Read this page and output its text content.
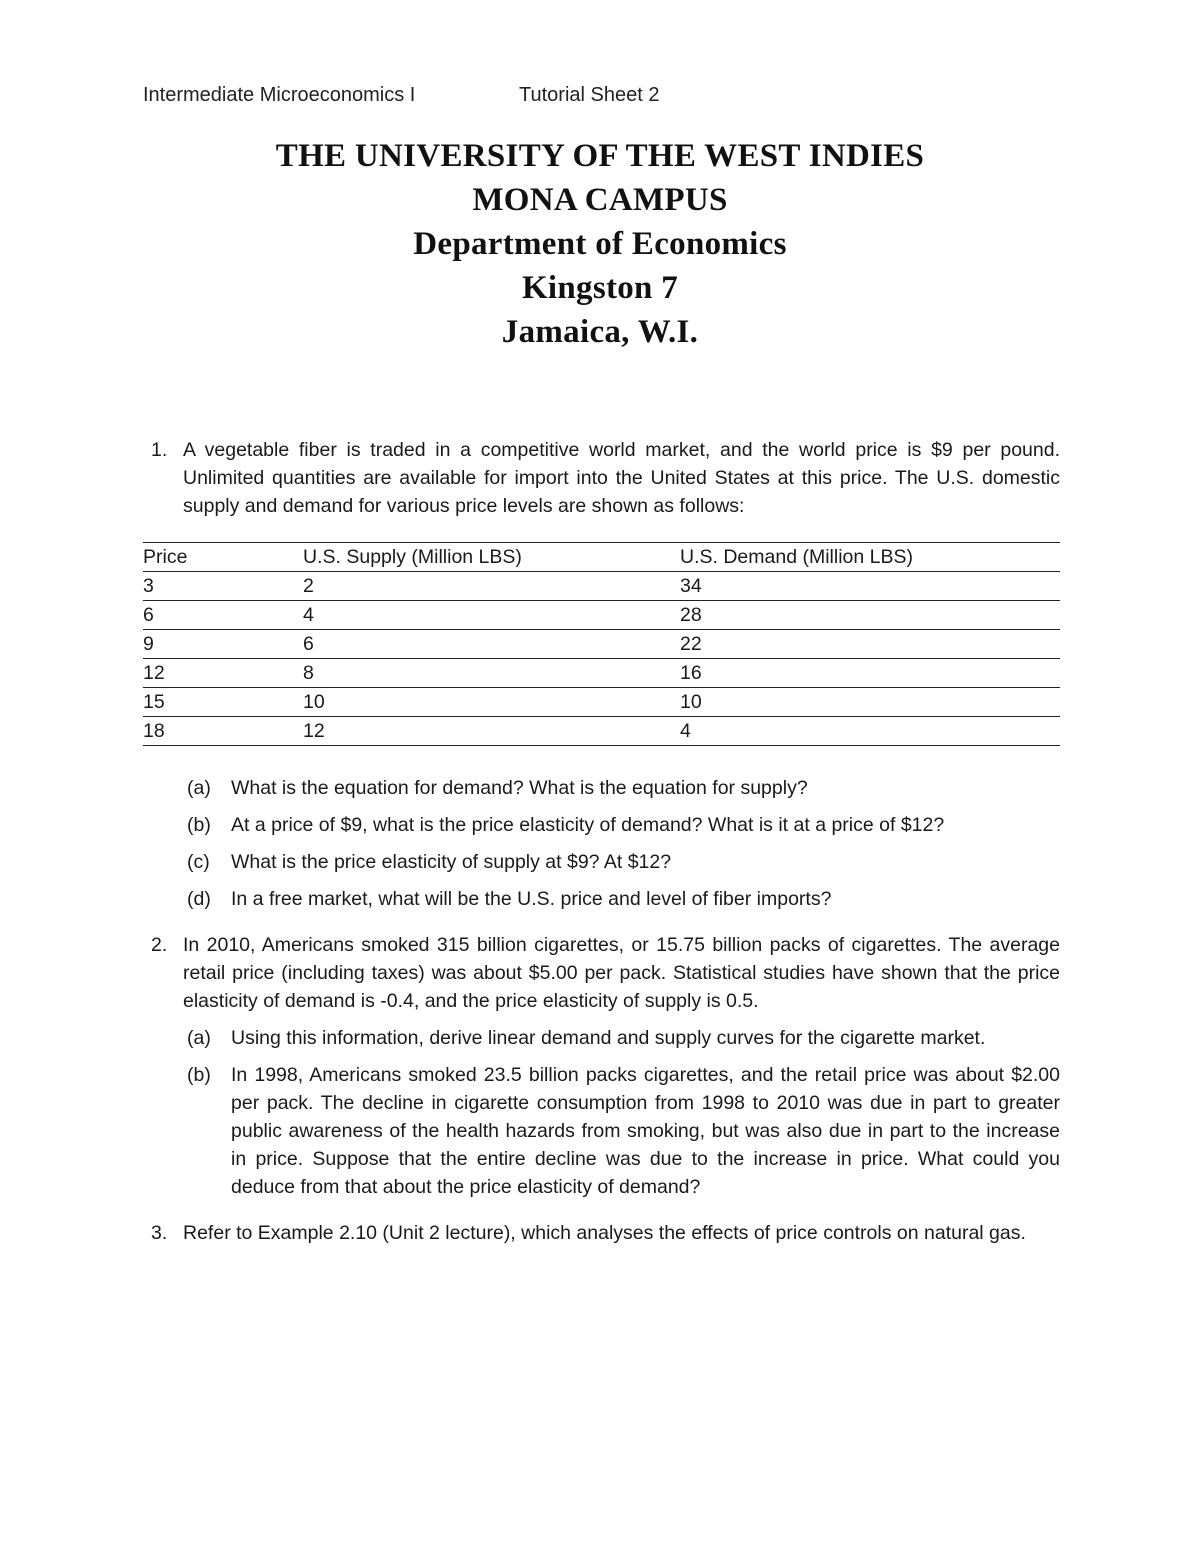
Intermediate Microeconomics I	Tutorial Sheet 2
THE UNIVERSITY OF THE WEST INDIES
MONA CAMPUS
Department of Economics
Kingston 7
Jamaica, W.I.
1. A vegetable fiber is traded in a competitive world market, and the world price is $9 per pound. Unlimited quantities are available for import into the United States at this price. The U.S. domestic supply and demand for various price levels are shown as follows:
Price	U.S. Supply (Million LBS)	U.S. Demand (Million LBS)
3	2	34
6	4	28
9	6	22
12	8	16
15	10	10
18	12	4
(a) What is the equation for demand? What is the equation for supply?
(b) At a price of $9, what is the price elasticity of demand? What is it at a price of $12?
(c) What is the price elasticity of supply at $9? At $12?
(d) In a free market, what will be the U.S. price and level of fiber imports?
2. In 2010, Americans smoked 315 billion cigarettes, or 15.75 billion packs of cigarettes. The average retail price (including taxes) was about $5.00 per pack. Statistical studies have shown that the price elasticity of demand is -0.4, and the price elasticity of supply is 0.5.
(a) Using this information, derive linear demand and supply curves for the cigarette market.
(b) In 1998, Americans smoked 23.5 billion packs cigarettes, and the retail price was about $2.00 per pack. The decline in cigarette consumption from 1998 to 2010 was due in part to greater public awareness of the health hazards from smoking, but was also due in part to the increase in price. Suppose that the entire decline was due to the increase in price. What could you deduce from that about the price elasticity of demand?
3. Refer to Example 2.10 (Unit 2 lecture), which analyses the effects of price controls on natural gas.
